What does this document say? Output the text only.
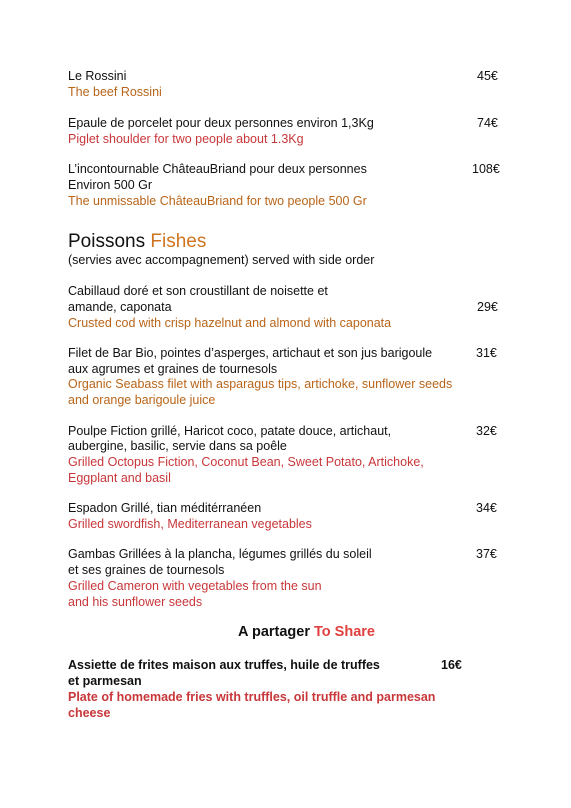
Le Rossini
The beef Rossini
45€
Epaule de porcelet pour deux personnes environ 1,3Kg
Piglet shoulder for two people about 1.3Kg
74€
L’incontournable ChâteauBriand pour deux personnes
Environ 500 Gr
The unmissable ChâteauBriand for two people 500 Gr
108€
Poissons Fishes
(servies avec accompagnement) served with side order
Cabillaud doré et son croustillant de noisette et
amande, caponata
Crusted cod with crisp hazelnut and almond with caponata
29€
Filet de Bar Bio, pointes d’asperges, artichaut et son jus barigoule
aux agrumes et graines de tournesols
Organic Seabass filet with asparagus tips, artichoke, sunflower seeds
and orange barigoule juice
31€
Poulpe Fiction grillé, Haricot coco, patate douce, artichaut,
aubergine, basilic, servie dans sa poêle
Grilled Octopus Fiction, Coconut Bean, Sweet Potato, Artichoke,
Eggplant and basil
32€
Espadon Grillé, tian méditérranéen
Grilled swordfish, Mediterranean vegetables
34€
Gambas Grillées à la plancha, légumes grillés du soleil
et ses graines de tournesols
Grilled Cameron with vegetables from the sun
and his sunflower seeds
37€
A partager To Share
Assiette de frites maison aux truffes, huile de truffes
et parmesan
Plate of homemade fries with truffles, oil truffle and parmesan
cheese
16€
